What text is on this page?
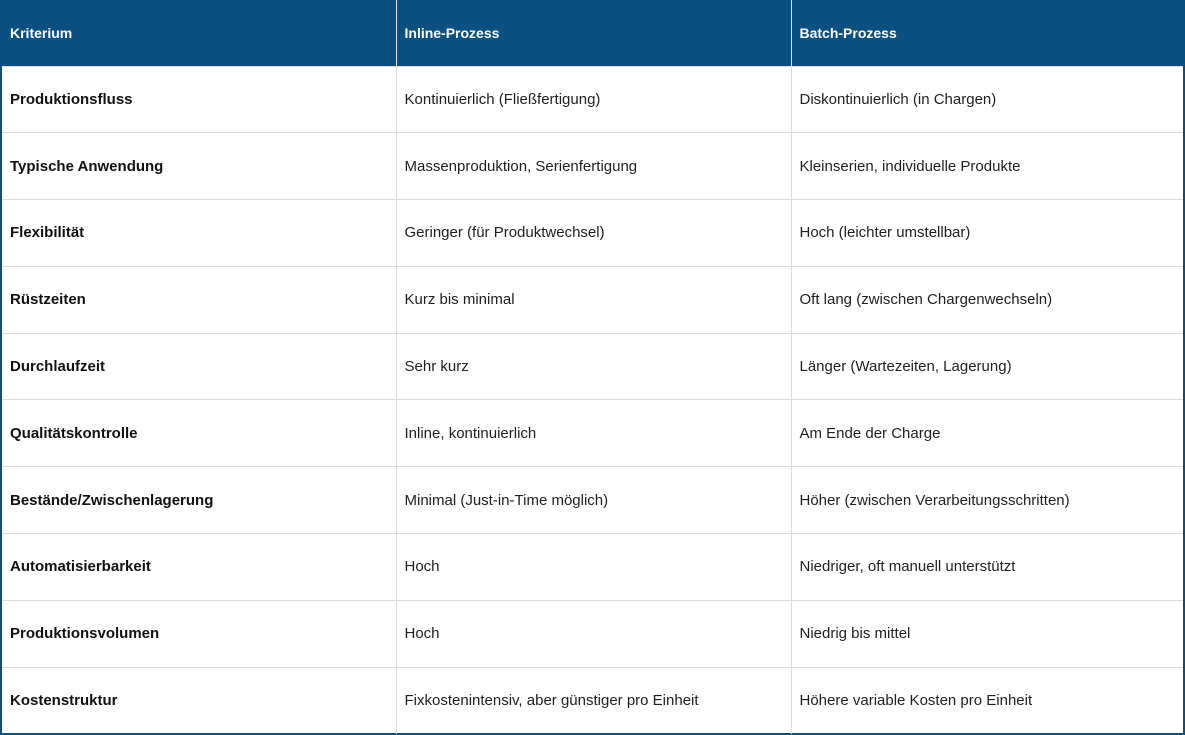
Kriterium	Inline-Prozess	Batch-Prozess
Produktionsfluss	Kontinuierlich (Fließfertigung)	Diskontinuierlich (in Chargen)
Typische Anwendung	Massenproduktion, Serienfertigung	Kleinserien, individuelle Produkte
Flexibilität	Geringer (für Produktwechsel)	Hoch (leichter umstellbar)
Rüstzeiten	Kurz bis minimal	Oft lang (zwischen Chargenwechseln)
Durchlaufzeit	Sehr kurz	Länger (Wartezeiten, Lagerung)
Qualitätskontrolle	Inline, kontinuierlich	Am Ende der Charge
Bestände/Zwischenlagerung	Minimal (Just-in-Time möglich)	Höher (zwischen Verarbeitungsschritten)
Automatisierbarkeit	Hoch	Niedriger, oft manuell unterstützt
Produktionsvolumen	Hoch	Niedrig bis mittel
Kostenstruktur	Fixkostenintensiv, aber günstiger pro Einheit	Höhere variable Kosten pro Einheit
